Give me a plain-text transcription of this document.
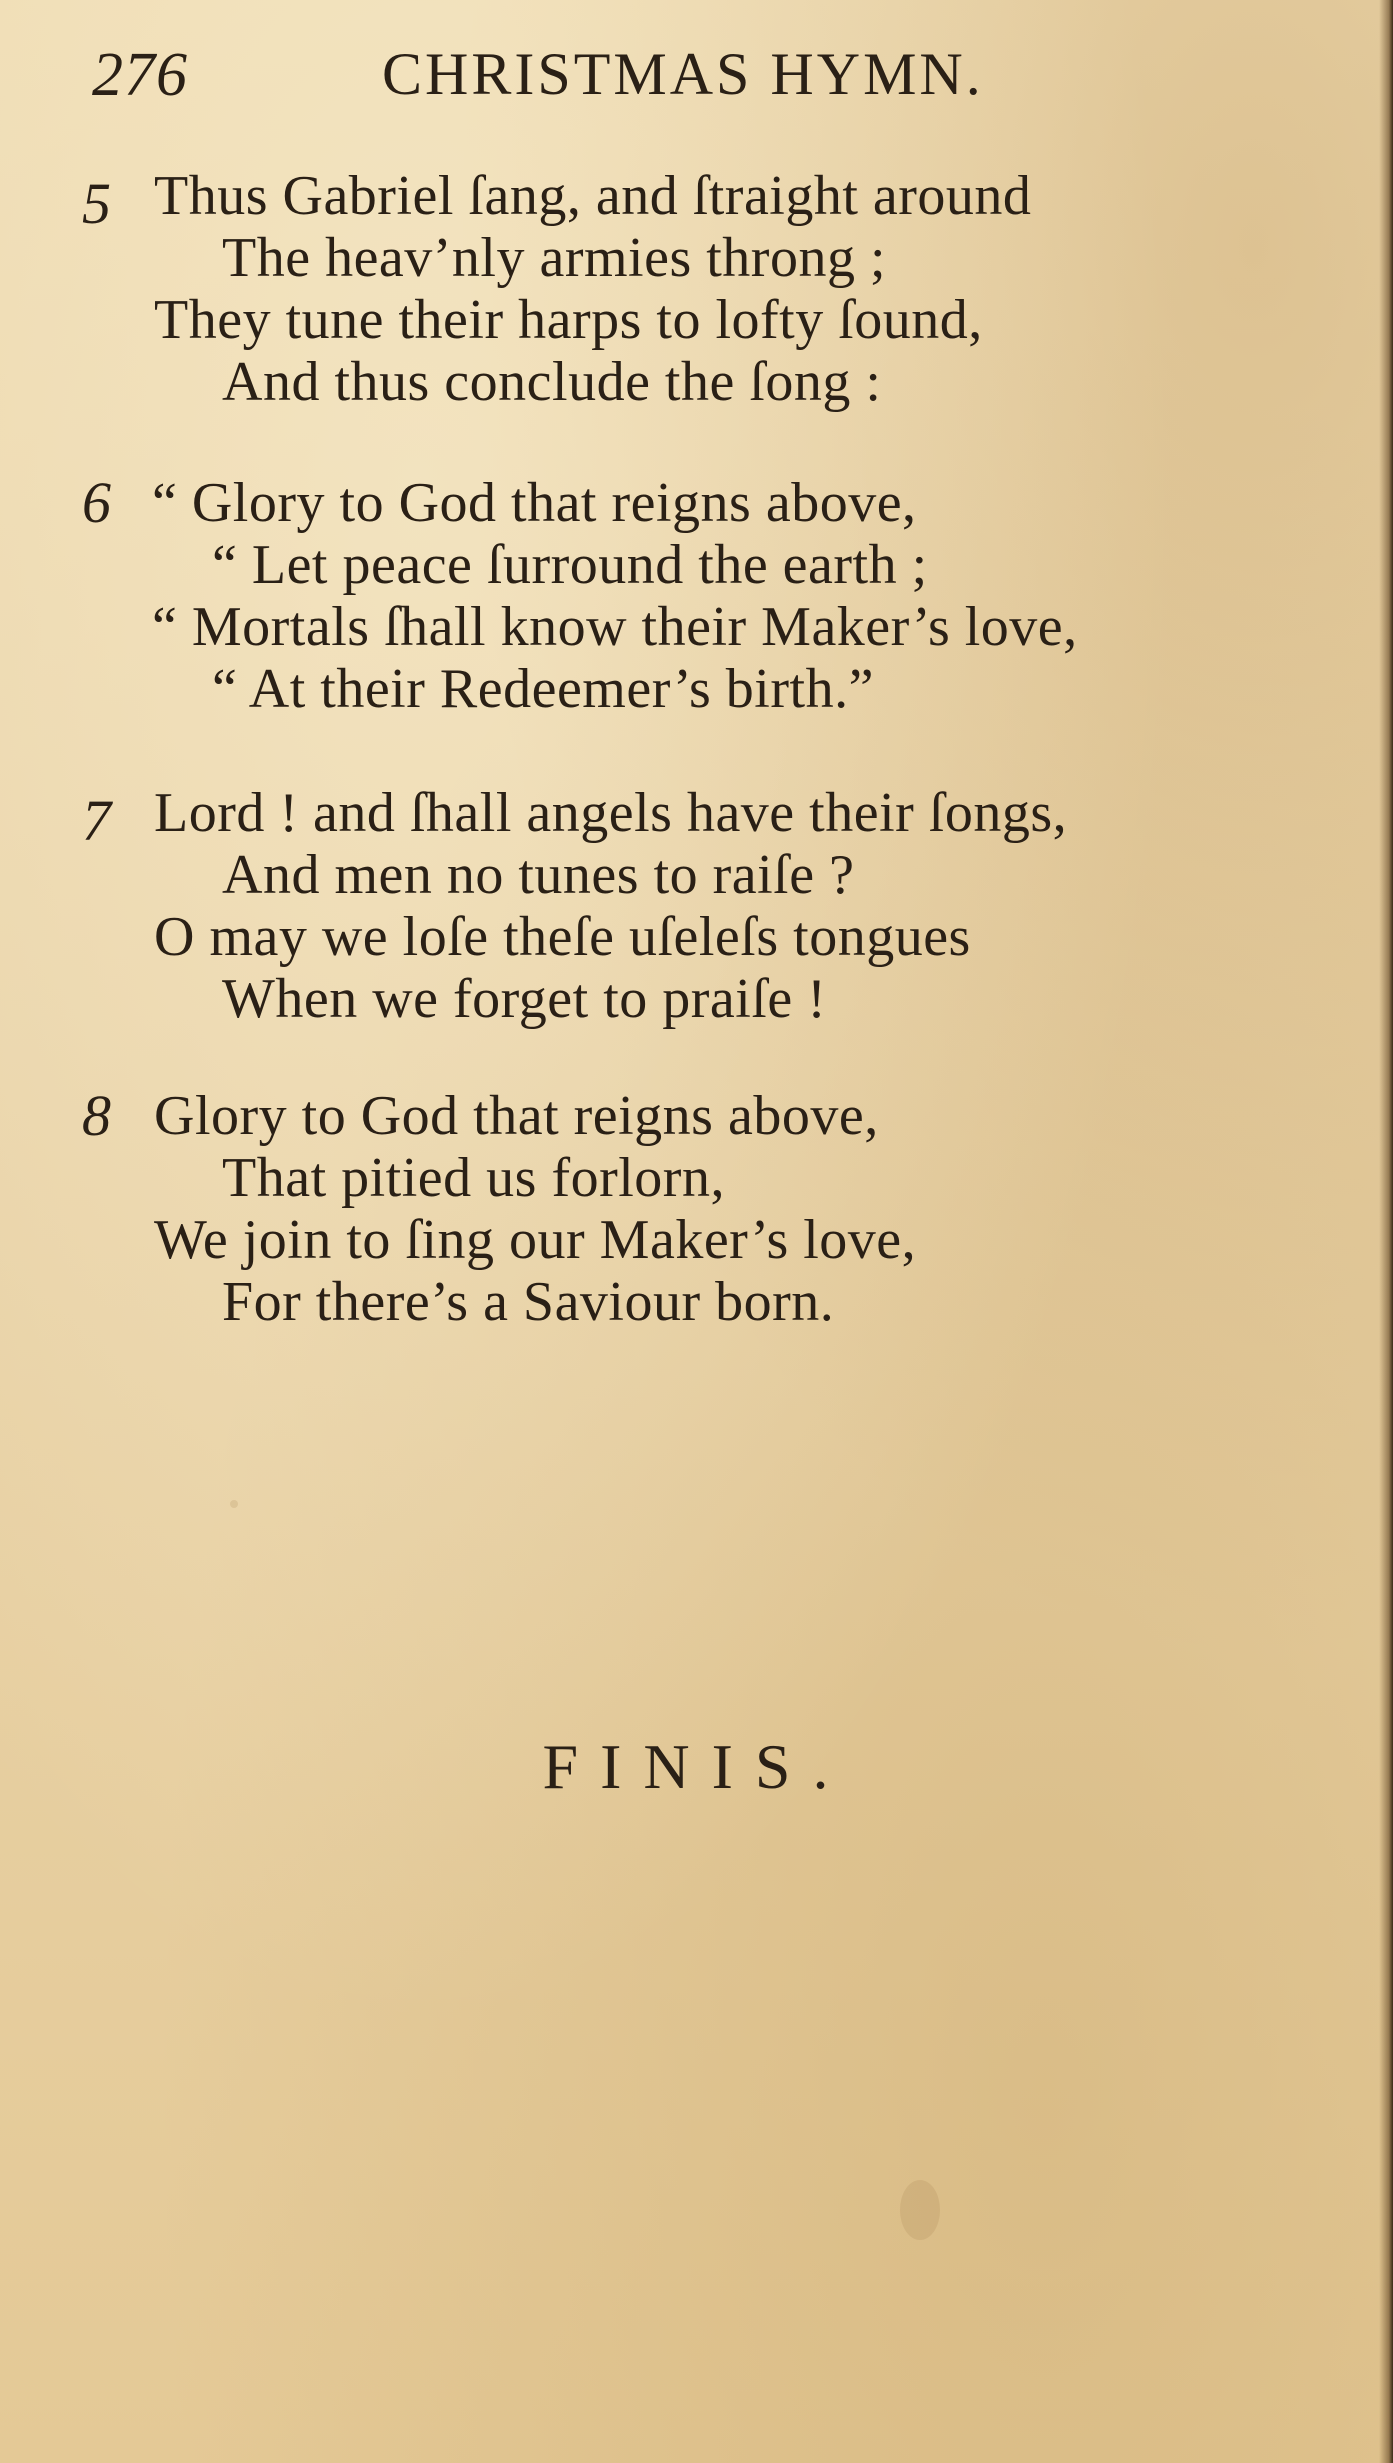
276	CHRISTMAS HYMN.
5 Thus Gabriel ſang, and ſtraight around
The heav’nly armies throng ;
They tune their harps to lofty ſound,
And thus conclude the ſong :
6 “ Glory to God that reigns above,
“ Let peace ſurround the earth ;
“ Mortals ſhall know their Maker’s love,
“ At their Redeemer’s birth.”
7 Lord ! and ſhall angels have their ſongs,
And men no tunes to raiſe ?
O may we loſe theſe uſeleſs tongues
When we forget to praiſe !
8 Glory to God that reigns above,
That pitied us forlorn,
We join to ſing our Maker’s love,
For there’s a Saviour born.
FINIS.
